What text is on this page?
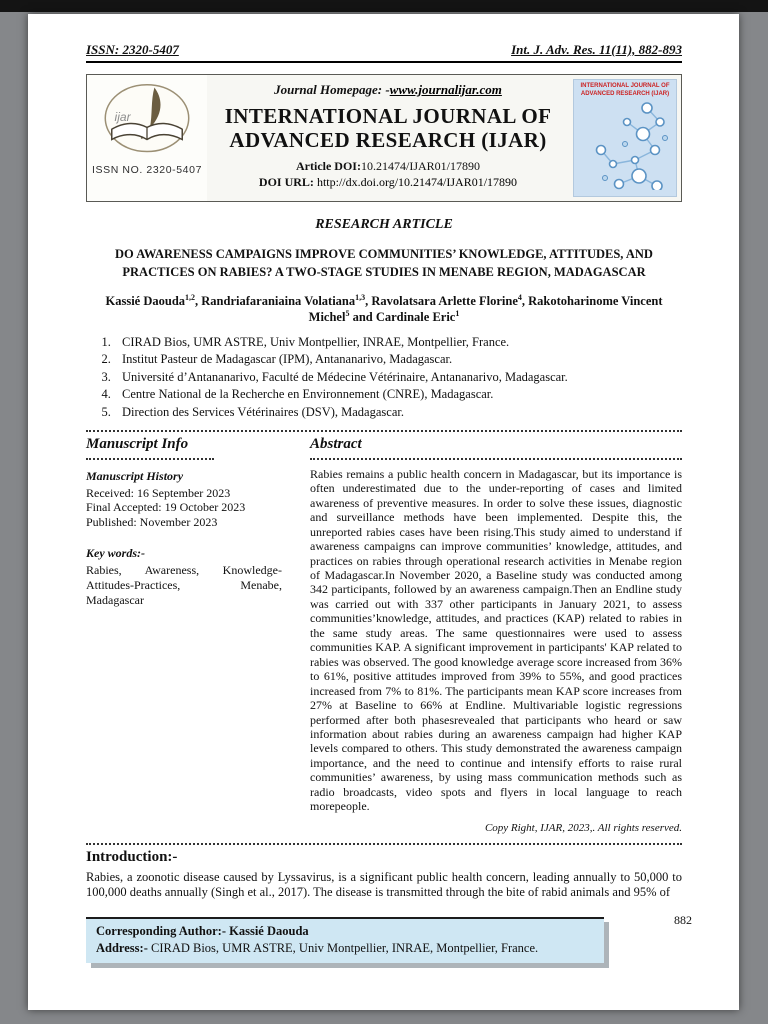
ISSN: 2320-5407	Int. J. Adv. Res. 11(11), 882-893
ijar
ISSN NO. 2320-5407
Journal Homepage: -www.journalijar.com
INTERNATIONAL JOURNAL OF
ADVANCED RESEARCH (IJAR)
Article DOI:10.21474/IJAR01/17890
DOI URL: http://dx.doi.org/10.21474/IJAR01/17890
INTERNATIONAL JOURNAL OF ADVANCED RESEARCH (IJAR)
RESEARCH ARTICLE
DO AWARENESS CAMPAIGNS IMPROVE COMMUNITIES’ KNOWLEDGE, ATTITUDES, AND PRACTICES ON RABIES? A TWO-STAGE STUDIES IN MENABE REGION, MADAGASCAR
Kassié Daouda$^{1,2}$, Randriafaraniaina Volatiana$^{1,3}$, Ravolatsara Arlette Florine$^4$, Rakotoharinome Vincent Michel$^5$ and Cardinale Eric$^1$
1. CIRAD Bios, UMR ASTRE, Univ Montpellier, INRAE, Montpellier, France.
2. Institut Pasteur de Madagascar (IPM), Antananarivo, Madagascar.
3. Université d’Antananarivo, Faculté de Médecine Vétérinaire, Antananarivo, Madagascar.
4. Centre National de la Recherche en Environnement (CNRE), Madagascar.
5. Direction des Services Vétérinaires (DSV), Madagascar.
Manuscript Info
Manuscript History
Received: 16 September 2023
Final Accepted: 19 October 2023
Published: November 2023
Key words:-
Rabies, Awareness, Knowledge-Attitudes-Practices, Menabe, Madagascar
Abstract

Rabies remains a public health concern in Madagascar, but its importance is often underestimated due to the under-reporting of cases and limited awareness of preventive measures. In order to solve these issues, diagnostic and surveillance methods have been implemented. Despite this, the unreported rabies cases have been rising.This study aimed to understand if awareness campaigns can improve communities’ knowledge, attitudes, and practices on rabies through operational research activities in Menabe region of Madagascar.In November 2020, a Baseline study was conducted among 342 participants, followed by an awareness campaign.Then an Endline study was carried out with 337 other participants in January 2021, to assess communities’knowledge, attitudes, and practices (KAP) related to rabies in the same study areas. The same questionnaires were used to assess communities KAP. A significant improvement in participants' KAP related to rabies was observed. The good knowledge average score increased from 36% to 61%, positive attitudes improved from 39% to 55%, and good practices increased from 7% to 81%. The participants mean KAP score increases from 27% at Baseline to 66% at Endline. Multivariable logistic regressions performed after both phasesrevealed that participants who heard or saw information about rabies during an awareness campaign had higher KAP levels compared to others. This study demonstrated the awareness campaign importance, and the need to continue and intensify efforts to raise rural communities’ awareness, by using mass communication methods such as radio broadcasts, video spots and flyers in local language to reach morepeople.

Copy Right, IJAR, 2023,. All rights reserved.
Introduction:-

Rabies, a zoonotic disease caused by Lyssavirus, is a significant public health concern, leading annually to 50,000 to 100,000 deaths annually (Singh et al., 2017). The disease is transmitted through the bite of rabid animals and 95% of

882
Corresponding Author:- Kassié Daouda
Address:- CIRAD Bios, UMR ASTRE, Univ Montpellier, INRAE, Montpellier, France.
